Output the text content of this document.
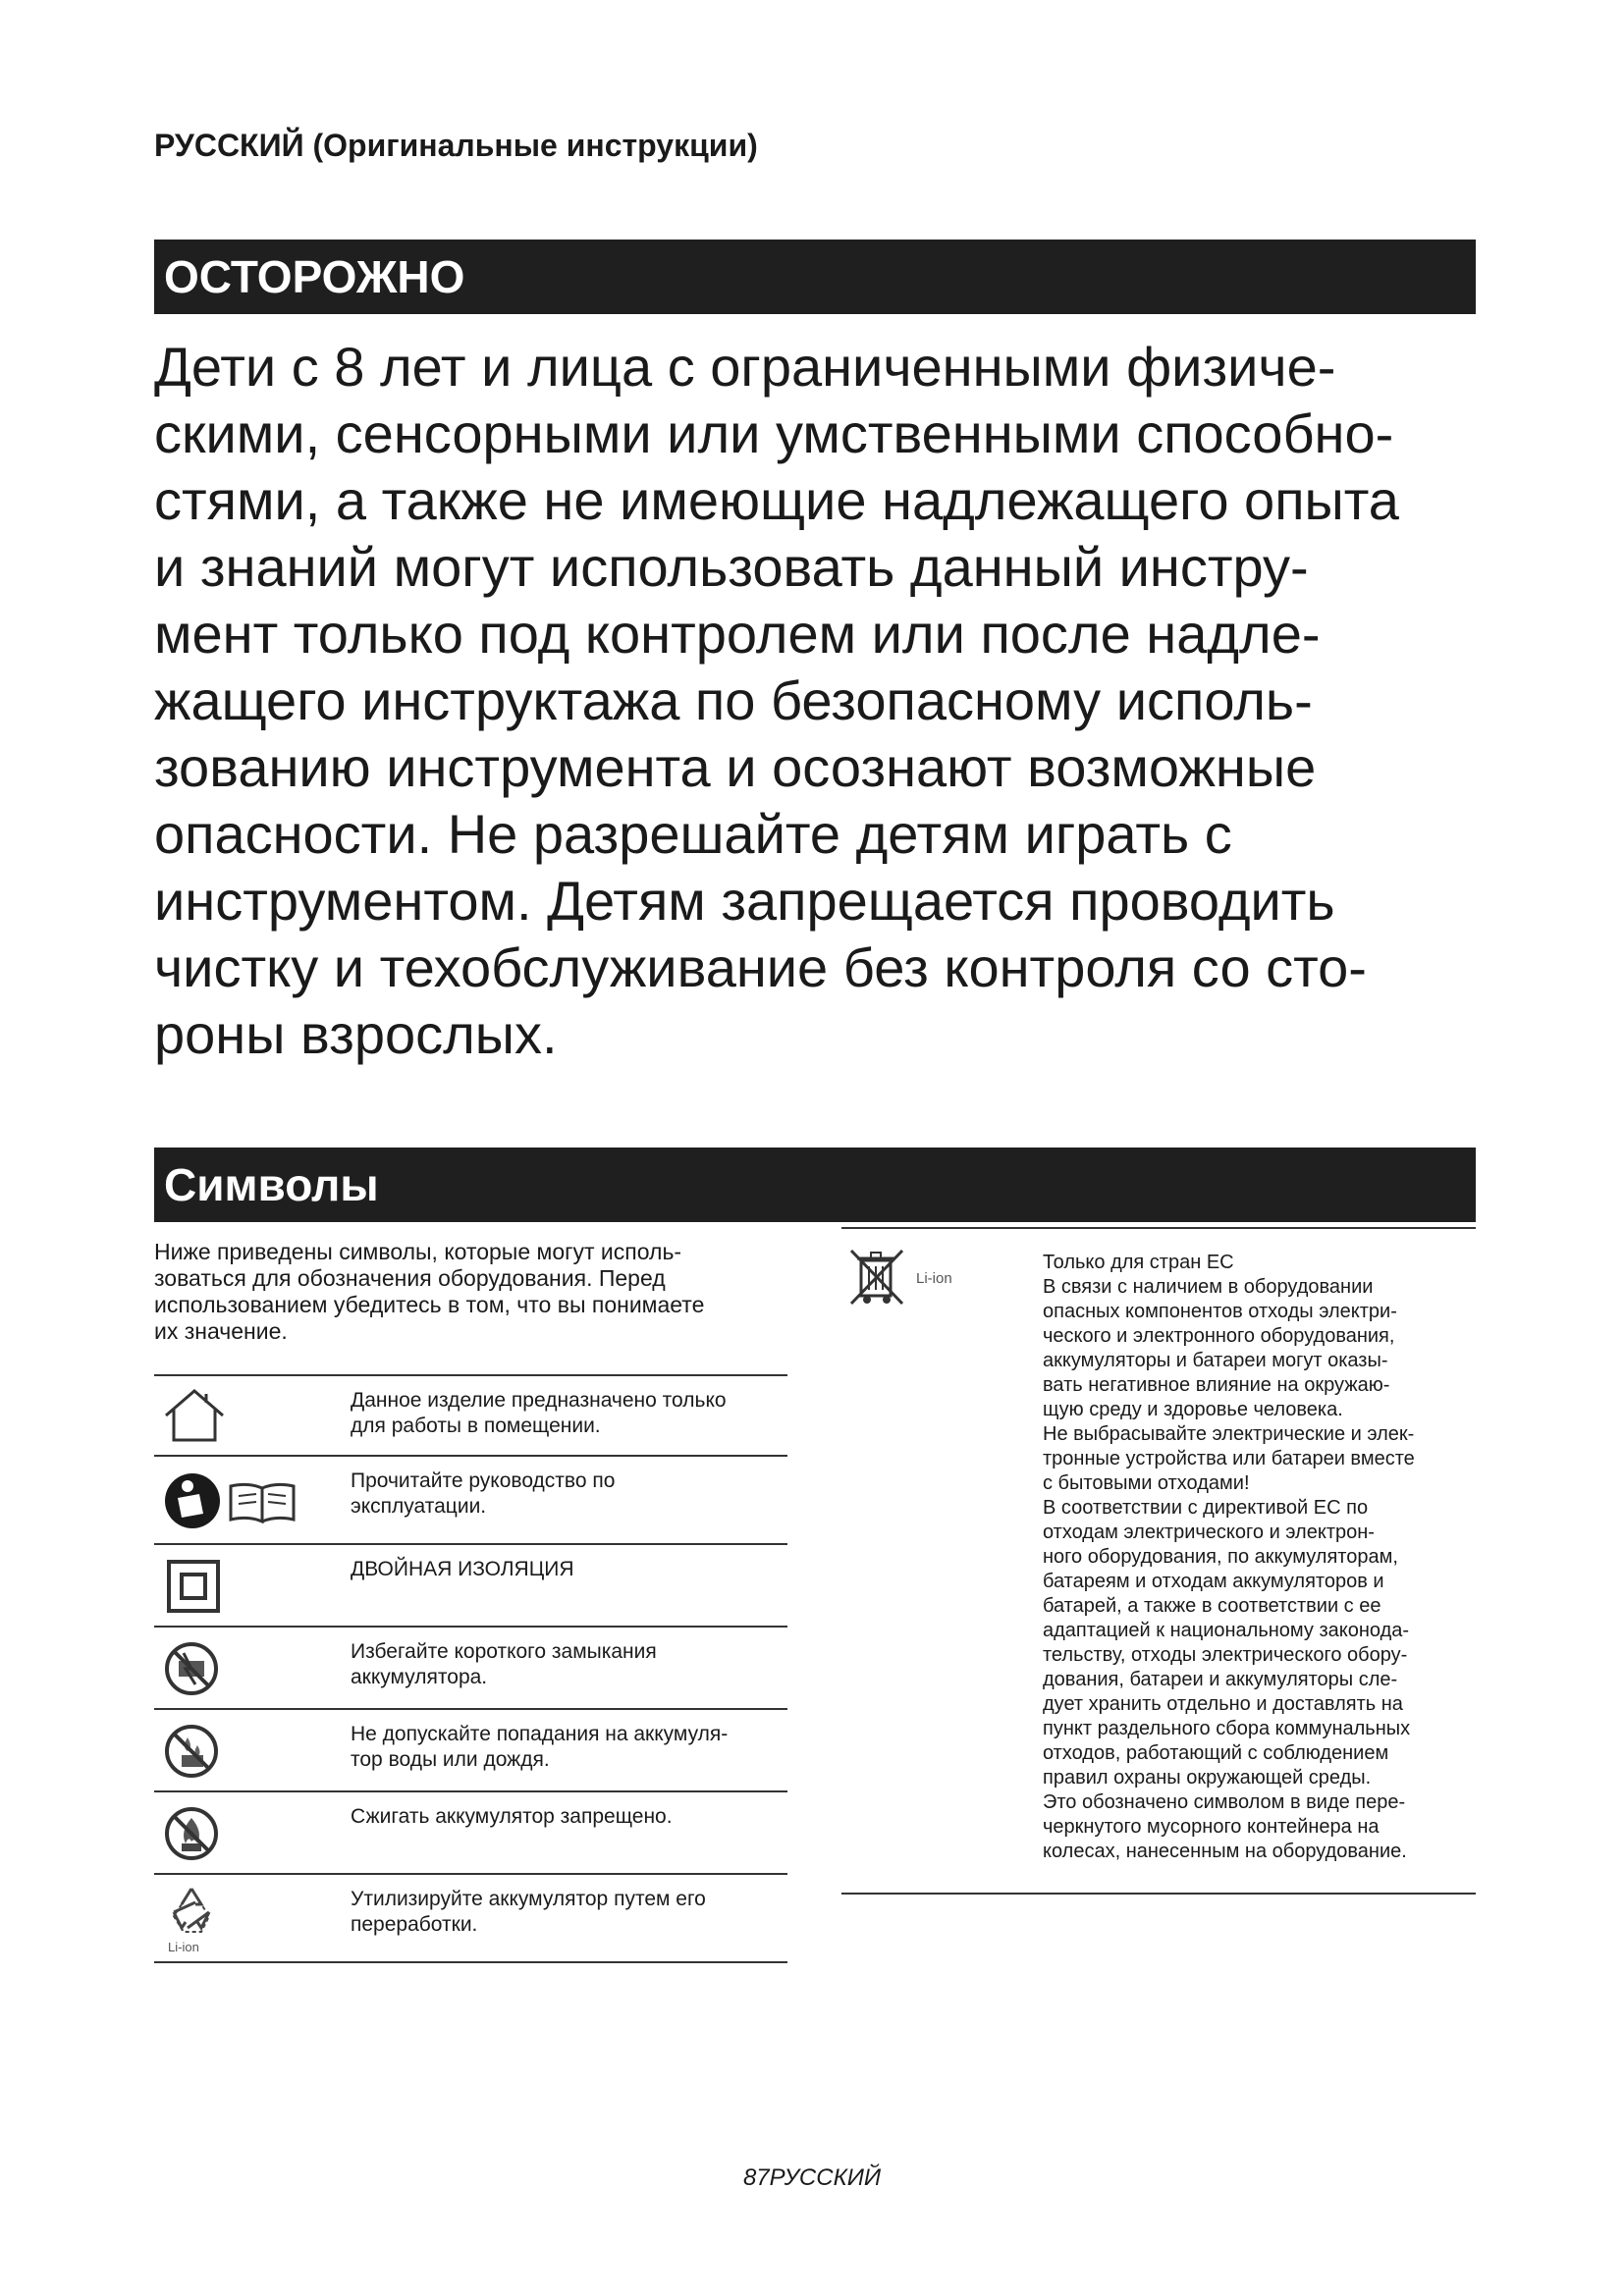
РУССКИЙ (Оригинальные инструкции)
ОСТОРОЖНО
Дети с 8 лет и лица с ограниченными физиче-
скими, сенсорными или умственными способно-
стями, а также не имеющие надлежащего опыта
и знаний могут использовать данный инстру-
мент только под контролем или после надле-
жащего инструктажа по безопасному исполь-
зованию инструмента и осознают возможные
опасности. Не разрешайте детям играть с
инструментом. Детям запрещается проводить
чистку и техобслуживание без контроля со сто-
роны взрослых.
Символы
Ниже приведены символы, которые могут исполь-
зоваться для обозначения оборудования. Перед
использованием убедитесь в том, что вы понимаете
их значение.
Данное изделие предназначено только
для работы в помещении.
Прочитайте руководство по
эксплуатации.
ДВОЙНАЯ ИЗОЛЯЦИЯ
Избегайте короткого замыкания
аккумулятора.
Не допускайте попадания на аккумуля-
тор воды или дождя.
Сжигать аккумулятор запрещено.
Li-ion
Утилизируйте аккумулятор путем его
переработки.
Li-ion

Только для стран ЕС

В связи с наличием в оборудовании

опасных компонентов отходы электри-

ческого и электронного оборудования,

аккумуляторы и батареи могут оказы-

вать негативное влияние на окружаю-

щую среду и здоровье человека.

Не выбрасывайте электрические и элек-

тронные устройства или батареи вместе

с бытовыми отходами!

В соответствии с директивой ЕС по

отходам электрического и электрон-

ного оборудования, по аккумуляторам,

батареям и отходам аккумуляторов и

батарей, а также в соответствии с ее

адаптацией к национальному законода-

тельству, отходы электрического обору-

дования, батареи и аккумуляторы сле-

дует хранить отдельно и доставлять на

пункт раздельного сбора коммунальных

отходов, работающий с соблюдением

правил охраны окружающей среды.

Это обозначено символом в виде пере-

черкнутого мусорного контейнера на

колесах, нанесенным на оборудование.

87РУССКИЙ
